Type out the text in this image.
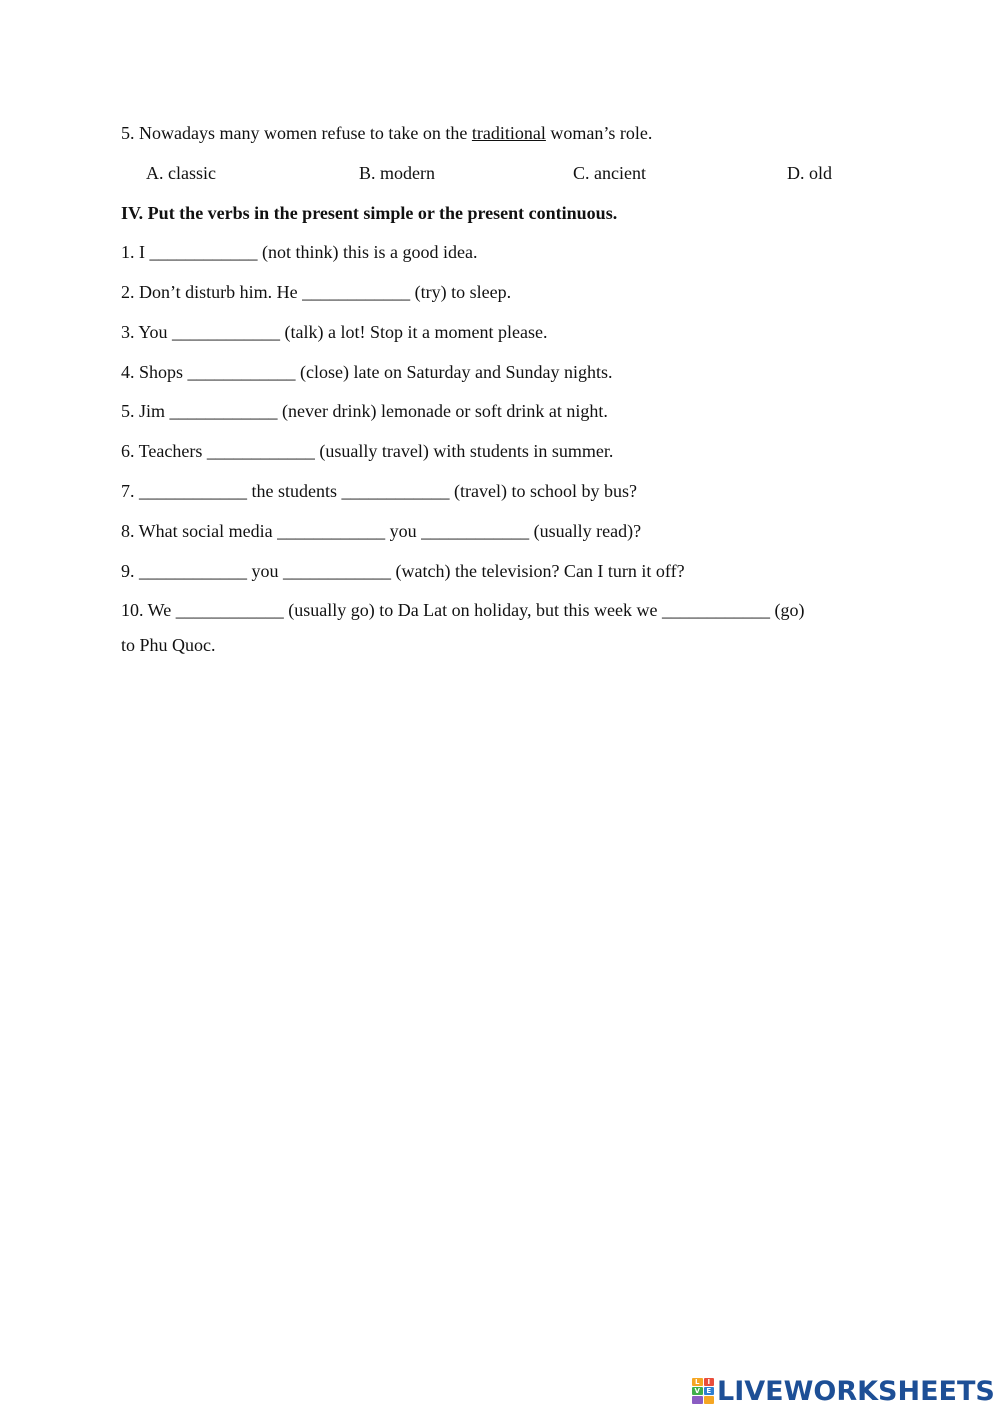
5. Nowadays many women refuse to take on the traditional woman’s role.
A. classic	B. modern	C. ancient	D. old
IV. Put the verbs in the present simple or the present continuous.
1. I ____________ (not think) this is a good idea.
2. Don’t disturb him. He ____________ (try) to sleep.
3. You ____________ (talk) a lot! Stop it a moment please.
4. Shops ____________ (close) late on Saturday and Sunday nights.
5. Jim ____________ (never drink) lemonade or soft drink at night.
6. Teachers ____________ (usually travel) with students in summer.
7. ____________ the students ____________ (travel) to school by bus?
8. What social media ____________ you ____________ (usually read)?
9. ____________ you ____________ (watch) the television? Can I turn it off?
10. We ____________ (usually go) to Da Lat on holiday, but this week we ____________ (go)
to Phu Quoc.
L	I
V E LIVEWORKSHEETS
